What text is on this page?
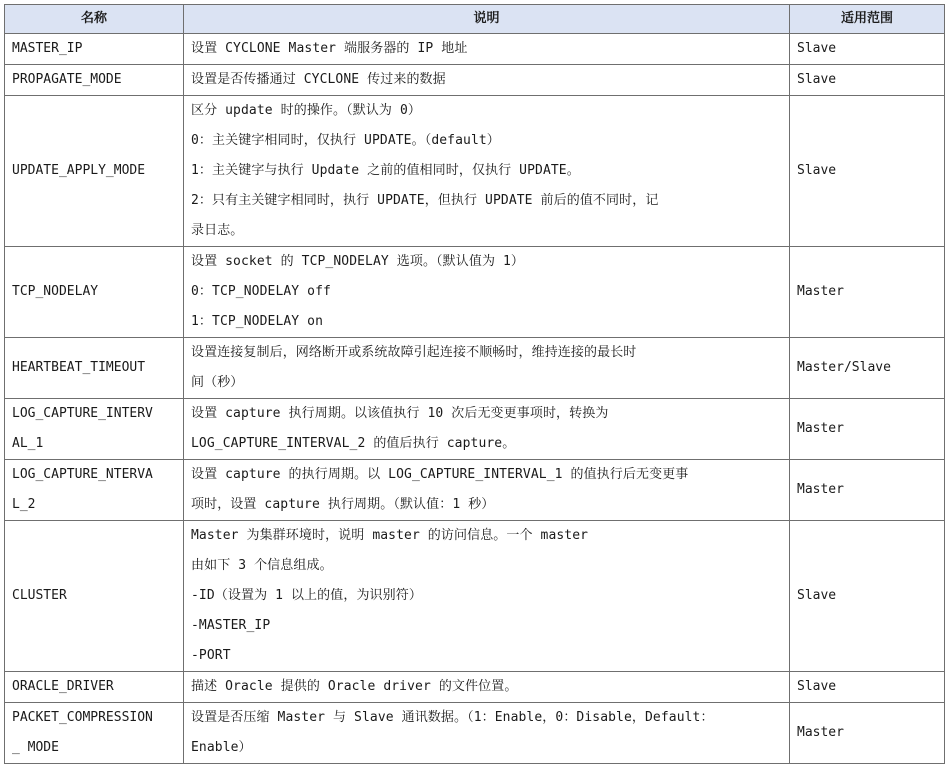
名称	说明	适用范围

MASTER_IP	设置 CYCLONE Master 端服务器的 IP 地址	Slave

PROPAGATE_MODE	设置是否传播通过 CYCLONE 传过来的数据	Slave

UPDATE_APPLY_MODE	区分 update 时的操作。（默认为 0）
0：主关键字相同时，仅执行 UPDATE。（default）
1：主关键字与执行 Update 之前的值相同时，仅执行 UPDATE。
2：只有主关键字相同时，执行 UPDATE，但执行 UPDATE 前后的值不同时，记
录日志。	Slave

TCP_NODELAY	设置 socket 的 TCP_NODELAY 选项。（默认值为 1）
0：TCP_NODELAY off
1：TCP_NODELAY on	Master

HEARTBEAT_TIMEOUT	设置连接复制后，网络断开或系统故障引起连接不顺畅时，维持连接的最长时
间（秒）	Master/Slave

LOG_CAPTURE_INTERV
AL_1	设置 capture 执行周期。以该值执行 10 次后无变更事项时，转换为
LOG_CAPTURE_INTERVAL_2 的值后执行 capture。	Master

LOG_CAPTURE_NTERVA
L_2	设置 capture 的执行周期。以 LOG_CAPTURE_INTERVAL_1 的值执行后无变更事
项时，设置 capture 执行周期。（默认值：1 秒）	Master

CLUSTER	Master 为集群环境时，说明 master 的访问信息。一个 master
由如下 3 个信息组成。
-ID（设置为 1 以上的值，为识别符）
-MASTER_IP
-PORT	Slave

ORACLE_DRIVER	描述 Oracle 提供的 Oracle driver 的文件位置。	Slave

PACKET_COMPRESSION
_ MODE	设置是否压缩 Master 与 Slave 通讯数据。（1：Enable，0：Disable，Default：
Enable）	Master
